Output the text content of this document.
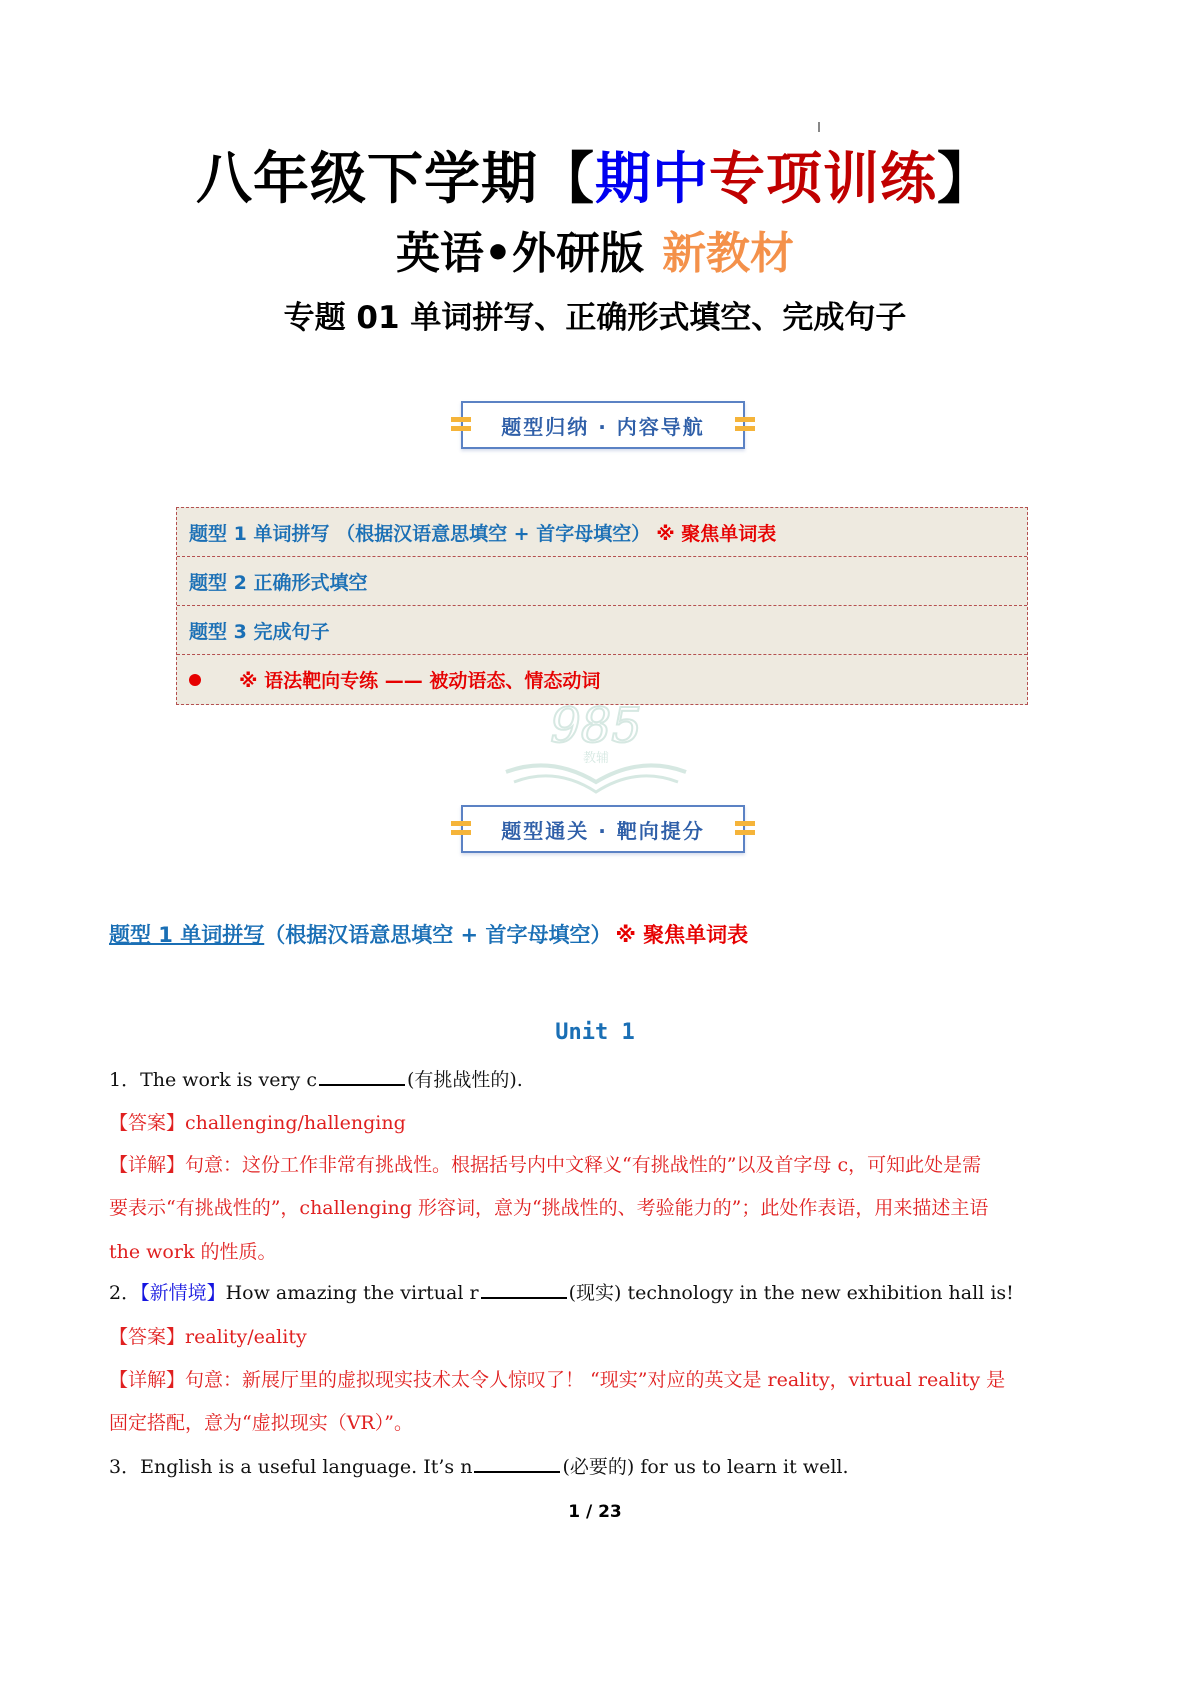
八年级下学期【期中专项训练】
英语•外研版 新教材
专题 01 单词拼写、正确形式填空、完成句子
题型归纳 · 内容导航
题型 1 单词拼写 （根据汉语意思填空 + 首字母填空） ※ 聚焦单词表
题型 2 正确形式填空
题型 3 完成句子
※ 语法靶向专练 —— 被动语态、情态动词
985
教辅
题型通关 · 靶向提分
题型 1 单词拼写（根据汉语意思填空 + 首字母填空） ※ 聚焦单词表
Unit 1
1．The work is very c	(有挑战性的).
【答案】challenging/hallenging
【详解】句意：这份工作非常有挑战性。根据括号内中文释义“有挑战性的”以及首字母 c，可知此处是需
要表示“有挑战性的”，challenging 形容词，意为“挑战性的、考验能力的”；此处作表语，用来描述主语
the work 的性质。
2．【新情境】How amazing the virtual r	(现实) technology in the new exhibition hall is!
【答案】reality/eality
【详解】句意：新展厅里的虚拟现实技术太令人惊叹了！ “现实”对应的英文是 reality，virtual reality 是
固定搭配，意为“虚拟现实（VR）”。
3．English is a useful language. It’s n	(必要的) for us to learn it well.
1 / 23
